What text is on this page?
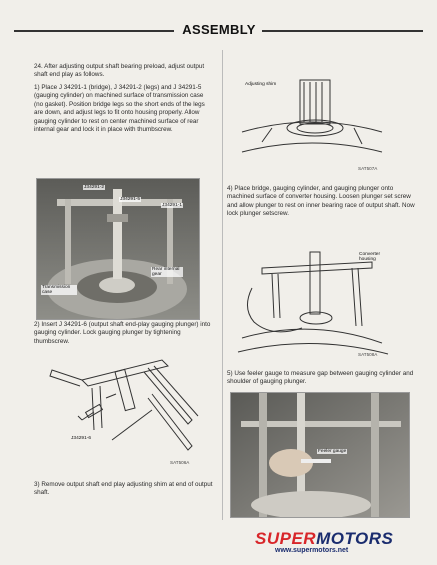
ASSEMBLY
24. After adjusting output shaft bearing preload, adjust output shaft end play as follows.
1) Place J 34291-1 (bridge), J 34291-2 (legs) and J 34291-5 (gauging cylinder) on machined surface of transmission case (no gasket). Position bridge legs so the short ends of the legs are down, and adjust legs to fit onto housing properly. Allow gauging cylinder to rest on center machined surface of rear internal gear and lock it in place with thumbscrew.
J34291-2
J34291-5
J34291-1
Rear internal gear
Transmission case
2) Insert J 34291-6 (output shaft end-play gauging plunger) into gauging cylinder. Lock gauging plunger by tightening thumbscrew.
J34291-6
SAT506A
3) Remove output shaft end play adjusting shim at end of output shaft.
Adjusting shim
SAT507A
4) Place bridge, gauging cylinder, and gauging plunger onto machined surface of converter housing. Loosen plunger set screw and allow plunger to rest on inner bearing race of output shaft. Now lock plunger setscrew.
Converter housing
SAT508A
5) Use feeler gauge to measure gap between gauging cylinder and shoulder of gauging plunger.
Feeler gauge
SUPERMOTORS
www.supermotors.net
